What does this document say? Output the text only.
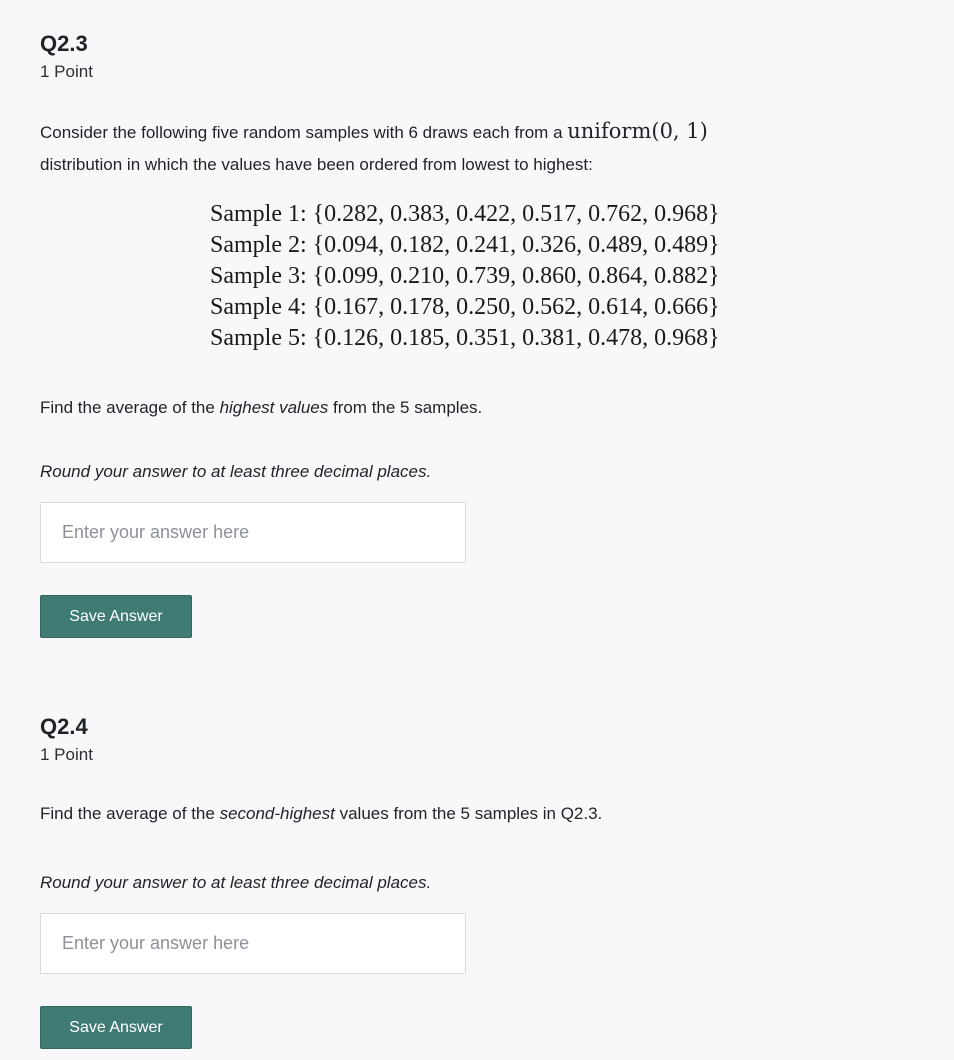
Q2.3
1 Point
Consider the following five random samples with 6 draws each from a uniform(0, 1)
distribution in which the values have been ordered from lowest to highest:
Sample 1: {0.282, 0.383, 0.422, 0.517, 0.762, 0.968}
Sample 2: {0.094, 0.182, 0.241, 0.326, 0.489, 0.489}
Sample 3: {0.099, 0.210, 0.739, 0.860, 0.864, 0.882}
Sample 4: {0.167, 0.178, 0.250, 0.562, 0.614, 0.666}
Sample 5: {0.126, 0.185, 0.351, 0.381, 0.478, 0.968}
Find the average of the highest values from the 5 samples.
Round your answer to at least three decimal places.
Enter your answer here
Save Answer
Q2.4
1 Point
Find the average of the second-highest values from the 5 samples in Q2.3.
Round your answer to at least three decimal places.
Enter your answer here
Save Answer
